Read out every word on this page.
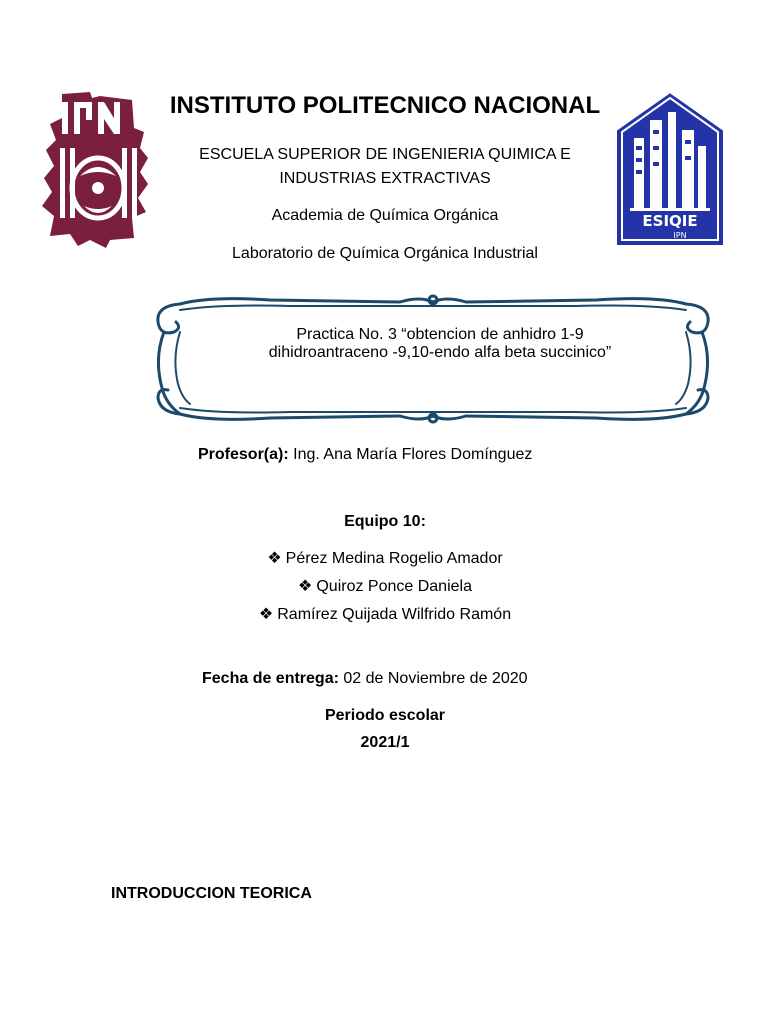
ESIQIE
IPN
INSTITUTO POLITECNICO NACIONAL
ESCUELA SUPERIOR DE INGENIERIA QUIMICA E INDUSTRIAS EXTRACTIVAS
Academia de Química Orgánica
Laboratorio de Química Orgánica Industrial
Practica No. 3 “obtencion de anhidro 1-9
dihidroantraceno -9,10-endo alfa beta succinico”
Profesor(a): Ing. Ana María Flores Domínguez
Equipo 10:
❖ Pérez Medina Rogelio Amador
❖ Quiroz Ponce Daniela
❖ Ramírez Quijada Wilfrido Ramón
Fecha de entrega: 02 de Noviembre de 2020
Periodo escolar
2021/1
INTRODUCCION TEORICA
